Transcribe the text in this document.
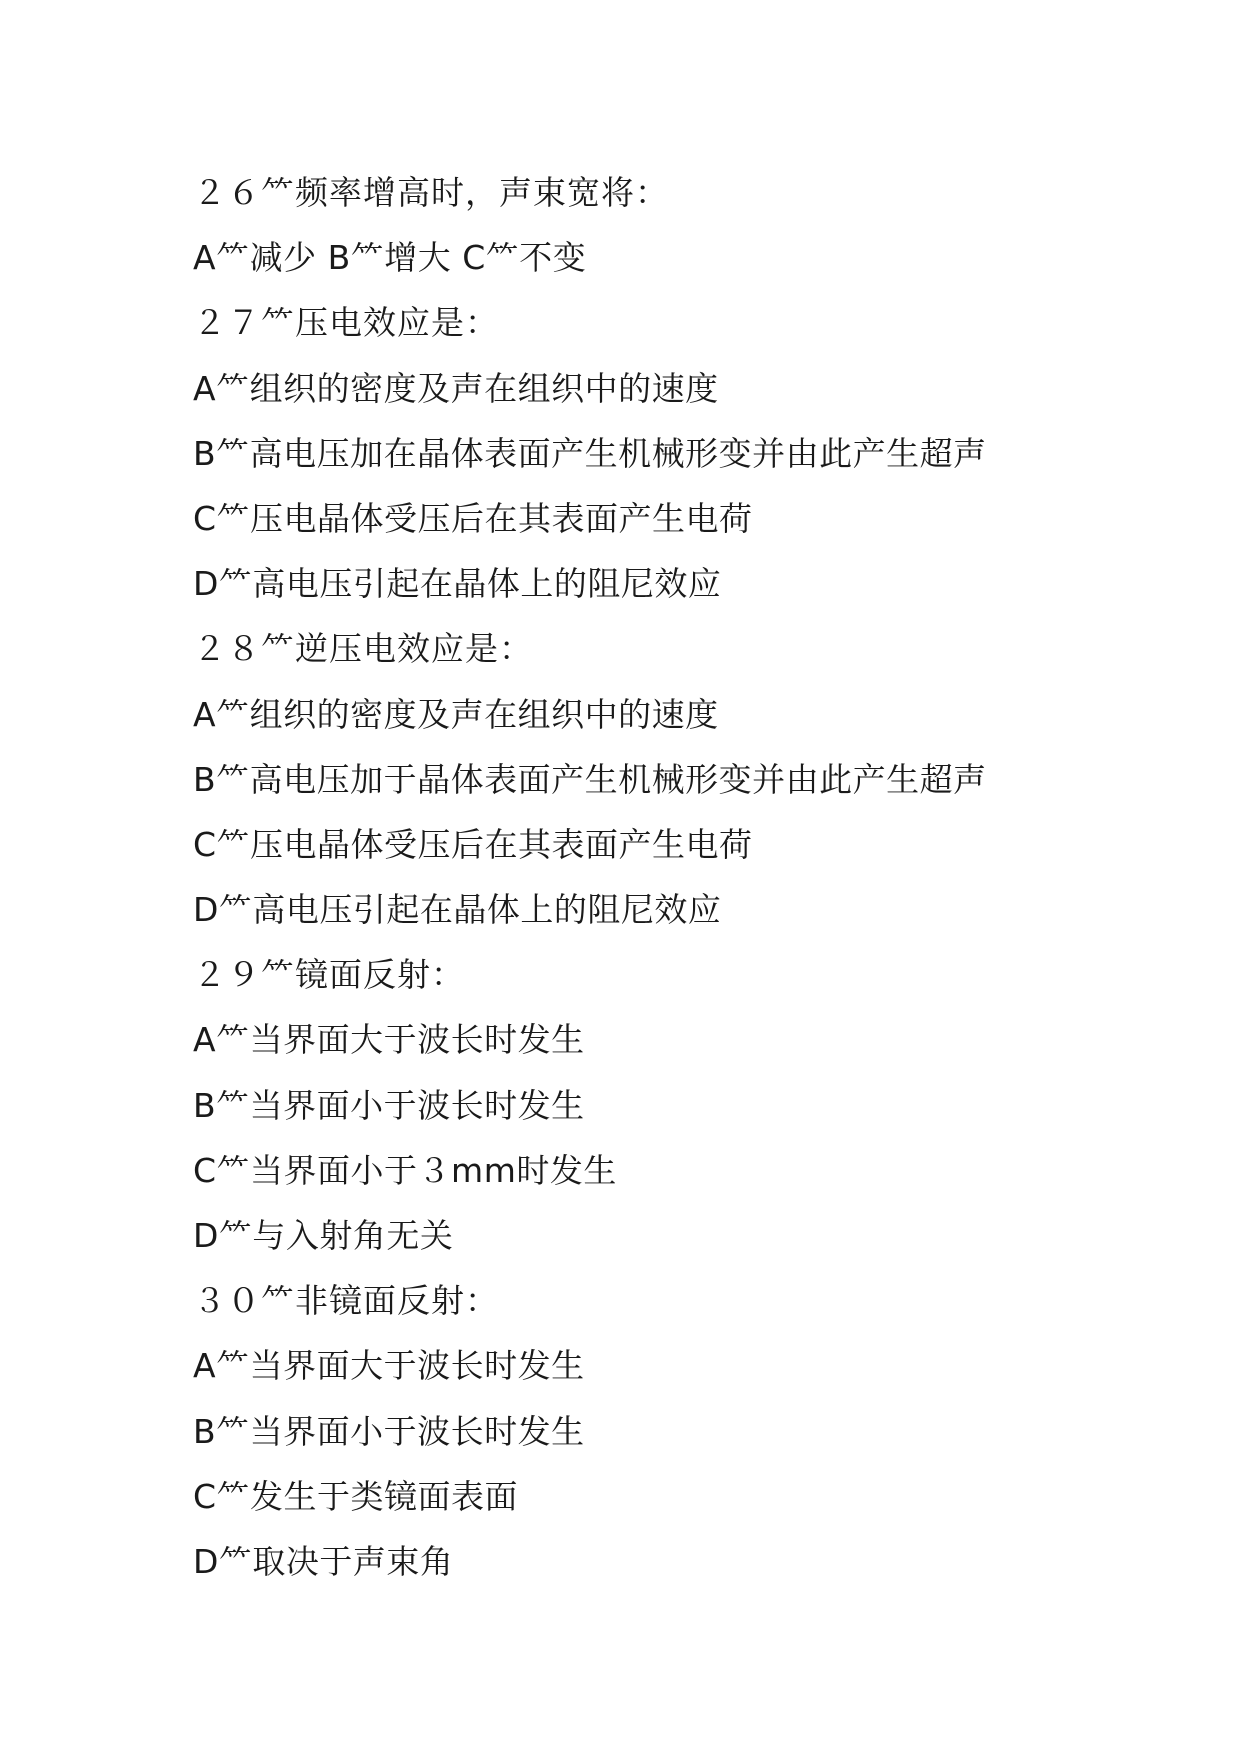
２６⺮频率增高时，声束宽将：
A⺮减少 B⺮增大 C⺮不变
２７⺮压电效应是：
A⺮组织的密度及声在组织中的速度
B⺮高电压加在晶体表面产生机械形变并由此产生超声
C⺮压电晶体受压后在其表面产生电荷
D⺮高电压引起在晶体上的阻尼效应
２８⺮逆压电效应是：
A⺮组织的密度及声在组织中的速度
B⺮高电压加于晶体表面产生机械形变并由此产生超声
C⺮压电晶体受压后在其表面产生电荷
D⺮高电压引起在晶体上的阻尼效应
２９⺮镜面反射：
A⺮当界面大于波长时发生
B⺮当界面小于波长时发生
C⺮当界面小于３mm时发生
D⺮与入射角无关
３０⺮非镜面反射：
A⺮当界面大于波长时发生
B⺮当界面小于波长时发生
C⺮发生于类镜面表面
D⺮取决于声束角
